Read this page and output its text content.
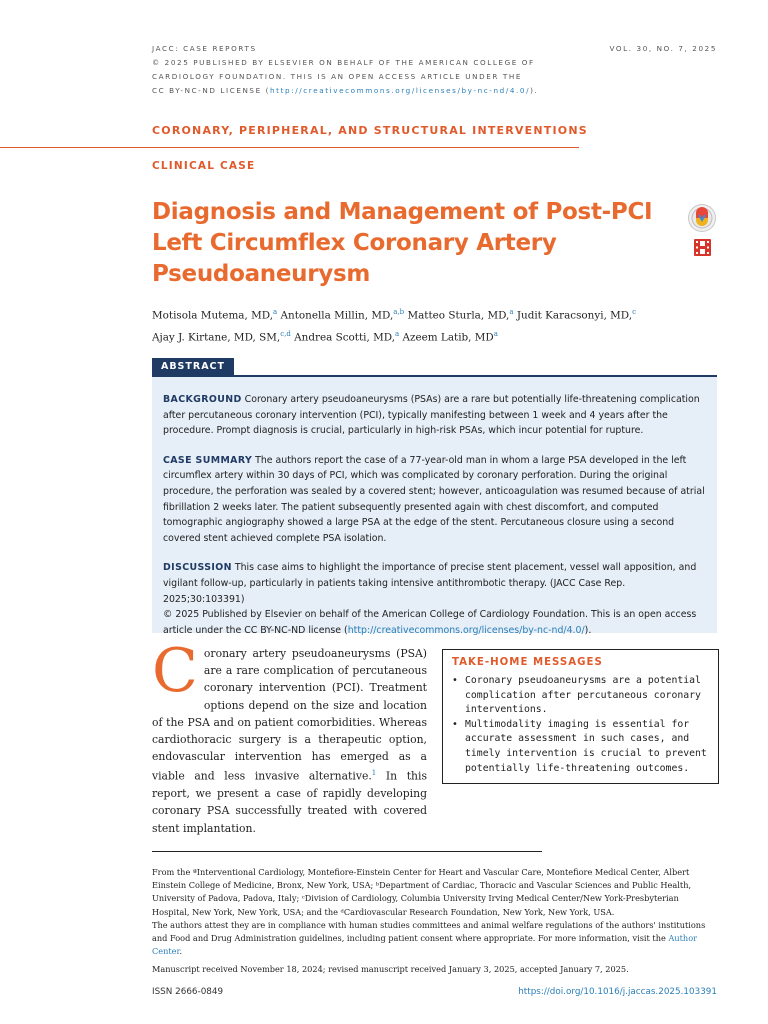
JACC: CASE REPORTS	VOL. 30, NO. 7, 2025
© 2025 PUBLISHED BY ELSEVIER ON BEHALF OF THE AMERICAN COLLEGE OF
CARDIOLOGY FOUNDATION. THIS IS AN OPEN ACCESS ARTICLE UNDER THE
CC BY-NC-ND LICENSE (http://creativecommons.org/licenses/by-nc-nd/4.0/).
CORONARY, PERIPHERAL, AND STRUCTURAL INTERVENTIONS
CLINICAL CASE
Diagnosis and Management of Post-PCI
Left Circumflex Coronary Artery
Pseudoaneurysm
Motisola Mutema, MD,$^a$ Antonella Millin, MD,$^{a,b}$ Matteo Sturla, MD,$^a$ Judit Karacsonyi, MD,$^c$
Ajay J. Kirtane, MD, SM,$^{c,d}$ Andrea Scotti, MD,$^a$ Azeem Latib, $MD^a$
ABSTRACT

BACKGROUND Coronary artery pseudoaneurysms (PSAs) are a rare but potentially life-threatening complication after percutaneous coronary intervention (PCI), typically manifesting between 1 week and 4 years after the procedure. Prompt diagnosis is crucial, particularly in high-risk PSAs, which incur potential for rupture.

CASE SUMMARY The authors report the case of a 77-year-old man in whom a large PSA developed in the left circumflex artery within 30 days of PCI, which was complicated by coronary perforation. During the original procedure, the perforation was sealed by a covered stent; however, anticoagulation was resumed because of atrial fibrillation 2 weeks later. The patient subsequently presented again with chest discomfort, and computed tomographic angiography showed a large PSA at the edge of the stent. Percutaneous closure using a second covered stent achieved complete PSA isolation.

DISCUSSION This case aims to highlight the importance of precise stent placement, vessel wall apposition, and vigilant follow-up, particularly in patients taking intensive antithrombotic therapy. (JACC Case Rep. 2025;30:103391)

© 2025 Published by Elsevier on behalf of the American College of Cardiology Foundation. This is an open access article under the CC BY-NC-ND license (http://creativecommons.org/licenses/by-nc-nd/4.0/).

Coronary artery pseudoaneurysms (PSA) are a rare complication of percutaneous coronary intervention (PCI). Treatment options depend on the size and location of the PSA and on patient comorbidities. Whereas cardiothoracic surgery is a therapeutic option, endovascular intervention has emerged as a viable and less invasive alternative.$^1$ In this report, we present a case of rapidly developing coronary PSA successfully treated with covered stent implantation.

TAKE-HOME MESSAGES
• Coronary pseudoaneurysms are a potential complication after percutaneous coronary interventions.
• Multimodality imaging is essential for accurate assessment in such cases, and timely intervention is crucial to prevent potentially life-threatening outcomes.

From the ªInterventional Cardiology, Montefiore-Einstein Center for Heart and Vascular Care, Montefiore Medical Center, Albert Einstein College of Medicine, Bronx, New York, USA; ᵇDepartment of Cardiac, Thoracic and Vascular Sciences and Public Health, University of Padova, Padova, Italy; ᶜDivision of Cardiology, Columbia University Irving Medical Center/New York-Presbyterian Hospital, New York, New York, USA; and the ᵈCardiovascular Research Foundation, New York, New York, USA.

The authors attest they are in compliance with human studies committees and animal welfare regulations of the authors' institutions and Food and Drug Administration guidelines, including patient consent where appropriate. For more information, visit the Author Center.

Manuscript received November 18, 2024; revised manuscript received January 3, 2025, accepted January 7, 2025.

ISSN 2666-0849	https://doi.org/10.1016/j.jaccas.2025.103391
